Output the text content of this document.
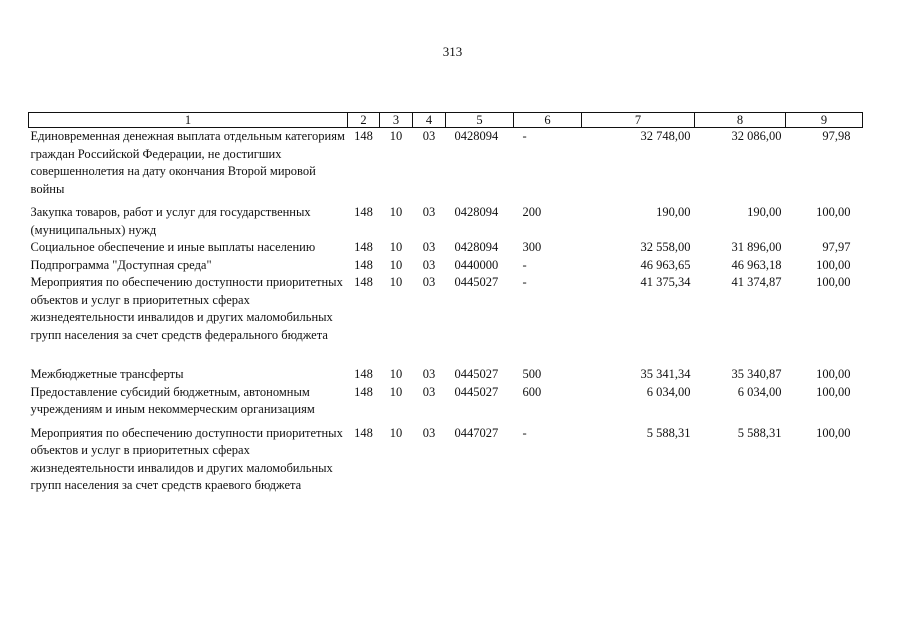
313
1	2	3	4	5	6	7	8	9
Единовременная денежная выплата отдельным категориям граждан Российской Федерации, не достигших совершеннолетия на дату окончания Второй мировой войны	148	10	03	0428094	-	32 748,00	32 086,00	97,98
Закупка товаров, работ и услуг для государственных (муниципальных) нужд	148	10	03	0428094	200	190,00	190,00	100,00
Социальное обеспечение и иные выплаты населению	148	10	03	0428094	300	32 558,00	31 896,00	97,97
Подпрограмма "Доступная среда"	148	10	03	0440000	-	46 963,65	46 963,18	100,00
Мероприятия по обеспечению доступности приоритетных объектов и услуг в приоритетных сферах жизнедеятельности инвалидов и других маломобильных групп населения за счет средств федерального бюджета	148	10	03	0445027	-	41 375,34	41 374,87	100,00
Межбюджетные трансферты	148	10	03	0445027	500	35 341,34	35 340,87	100,00
Предоставление субсидий бюджетным, автономным учреждениям и иным некоммерческим организациям	148	10	03	0445027	600	6 034,00	6 034,00	100,00
Мероприятия по обеспечению доступности приоритетных объектов и услуг в приоритетных сферах жизнедеятельности инвалидов и других маломобильных групп населения за счет средств краевого бюджета	148	10	03	0447027	-	5 588,31	5 588,31	100,00
